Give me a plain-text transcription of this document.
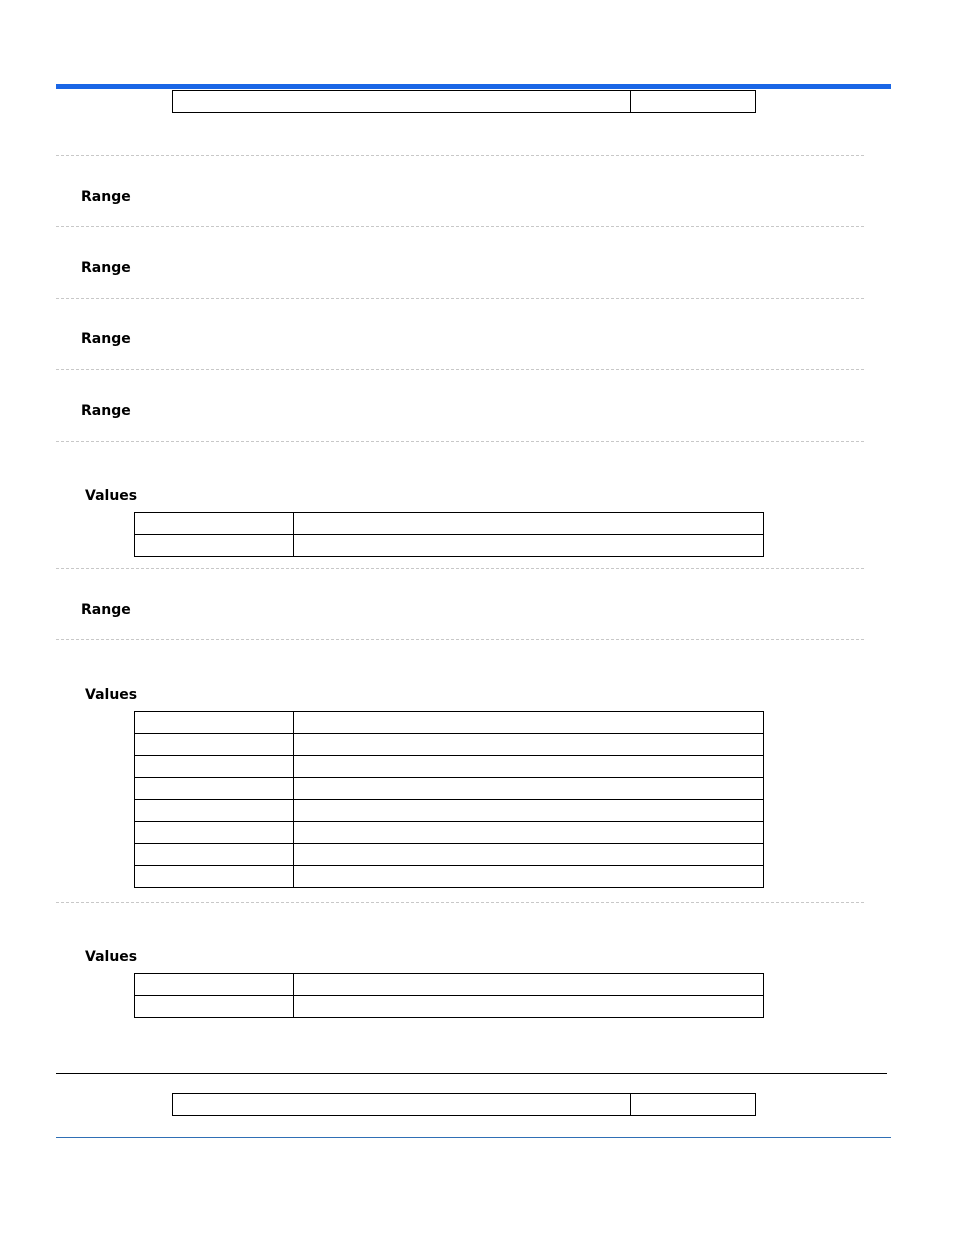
Range
Range
Range
Range
Values

Range
Values

Values
